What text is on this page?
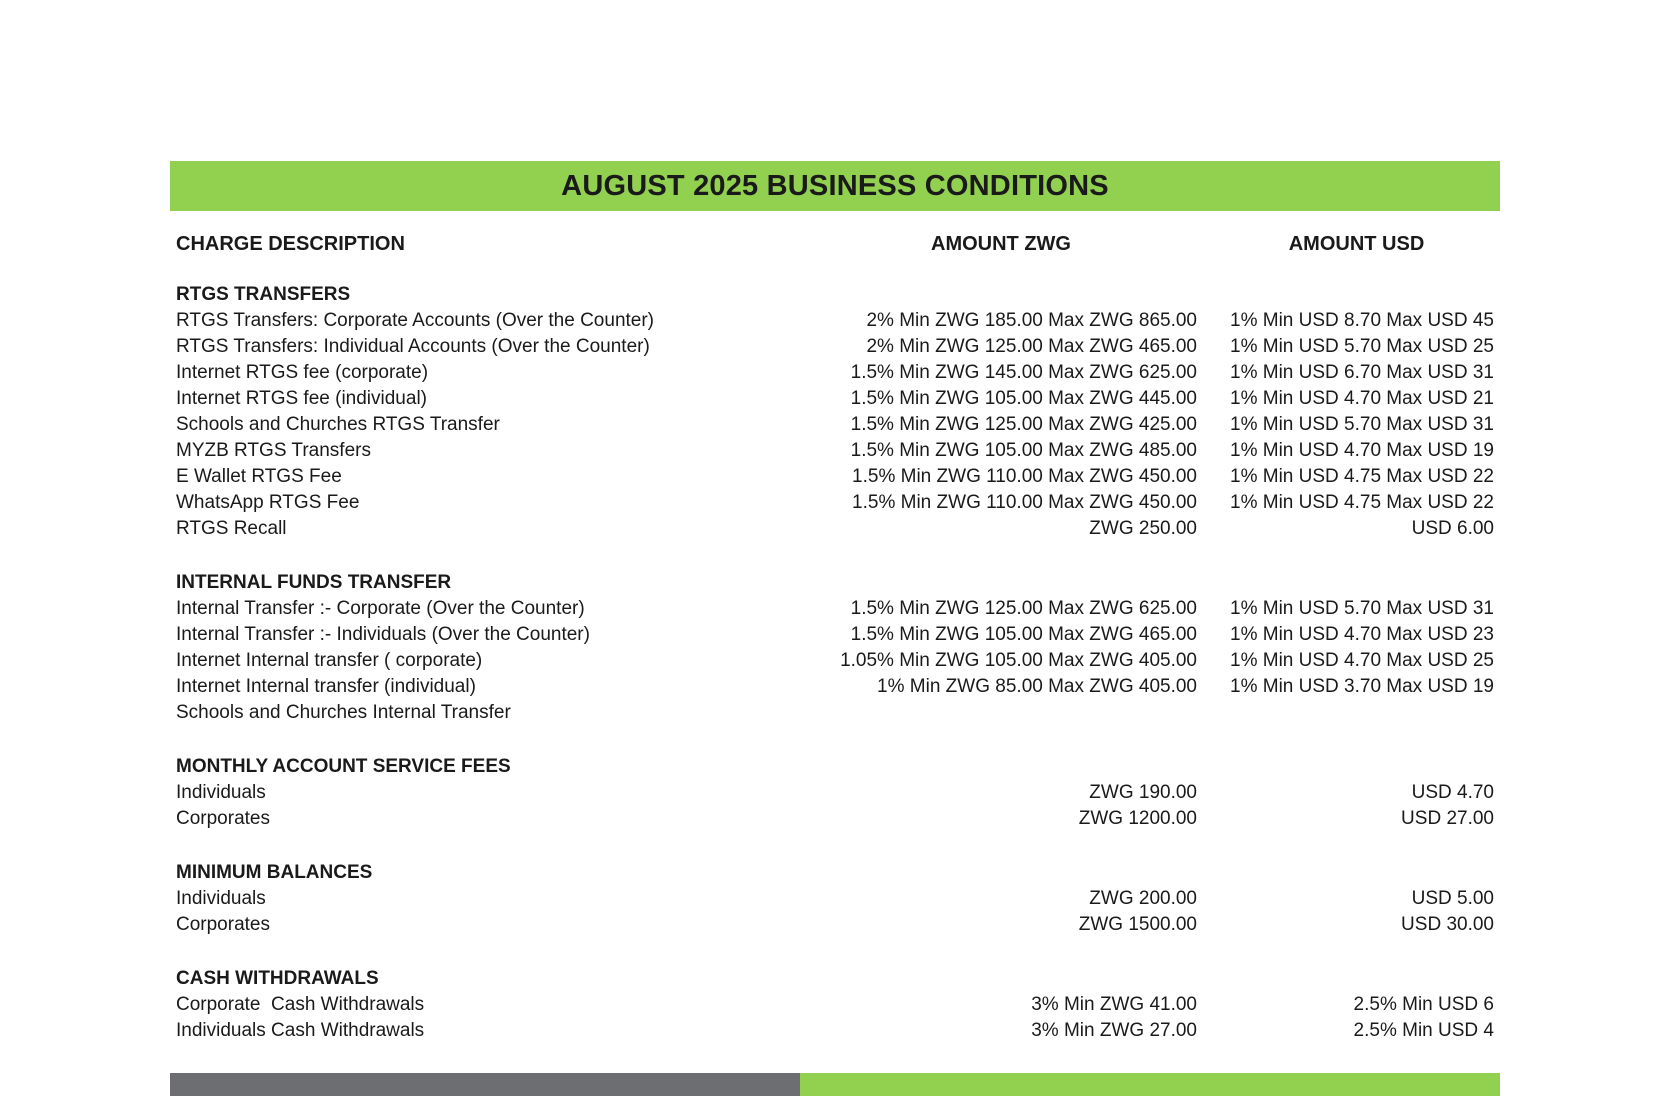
AUGUST 2025 BUSINESS CONDITIONS
CHARGE DESCRIPTION	AMOUNT ZWG	AMOUNT USD
RTGS TRANSFERS
RTGS Transfers: Corporate Accounts (Over the Counter)	2% Min ZWG 185.00 Max ZWG 865.00	1% Min USD 8.70 Max USD 45
RTGS Transfers: Individual Accounts (Over the Counter)	2% Min ZWG 125.00 Max ZWG 465.00	1% Min USD 5.70 Max USD 25
Internet RTGS fee (corporate)	1.5% Min ZWG 145.00 Max ZWG 625.00	1% Min USD 6.70 Max USD 31
Internet RTGS fee (individual)	1.5% Min ZWG 105.00 Max ZWG 445.00	1% Min USD 4.70 Max USD 21
Schools and Churches RTGS Transfer	1.5% Min ZWG 125.00 Max ZWG 425.00	1% Min USD 5.70 Max USD 31
MYZB RTGS Transfers	1.5% Min ZWG 105.00 Max ZWG 485.00	1% Min USD 4.70 Max USD 19
E Wallet RTGS Fee	1.5% Min ZWG 110.00 Max ZWG 450.00	1% Min USD 4.75 Max USD 22
WhatsApp RTGS Fee	1.5% Min ZWG 110.00 Max ZWG 450.00	1% Min USD 4.75 Max USD 22
RTGS Recall	ZWG 250.00	USD 6.00
INTERNAL FUNDS TRANSFER
Internal Transfer :- Corporate (Over the Counter)	1.5% Min ZWG 125.00 Max ZWG 625.00	1% Min USD 5.70 Max USD 31
Internal Transfer :- Individuals (Over the Counter)	1.5% Min ZWG 105.00 Max ZWG 465.00	1% Min USD 4.70 Max USD 23
Internet Internal transfer ( corporate)	1.05% Min ZWG 105.00 Max ZWG 405.00	1% Min USD 4.70 Max USD 25
Internet Internal transfer (individual)	1% Min ZWG 85.00 Max ZWG 405.00	1% Min USD 3.70 Max USD 19
Schools and Churches Internal Transfer
MONTHLY ACCOUNT SERVICE FEES
Individuals	ZWG 190.00	USD 4.70
Corporates	ZWG 1200.00	USD 27.00
MINIMUM BALANCES
Individuals	ZWG 200.00	USD 5.00
Corporates	ZWG 1500.00	USD 30.00
CASH WITHDRAWALS
Corporate  Cash Withdrawals	3% Min ZWG 41.00	2.5% Min USD 6
Individuals Cash Withdrawals	3% Min ZWG 27.00	2.5% Min USD 4
